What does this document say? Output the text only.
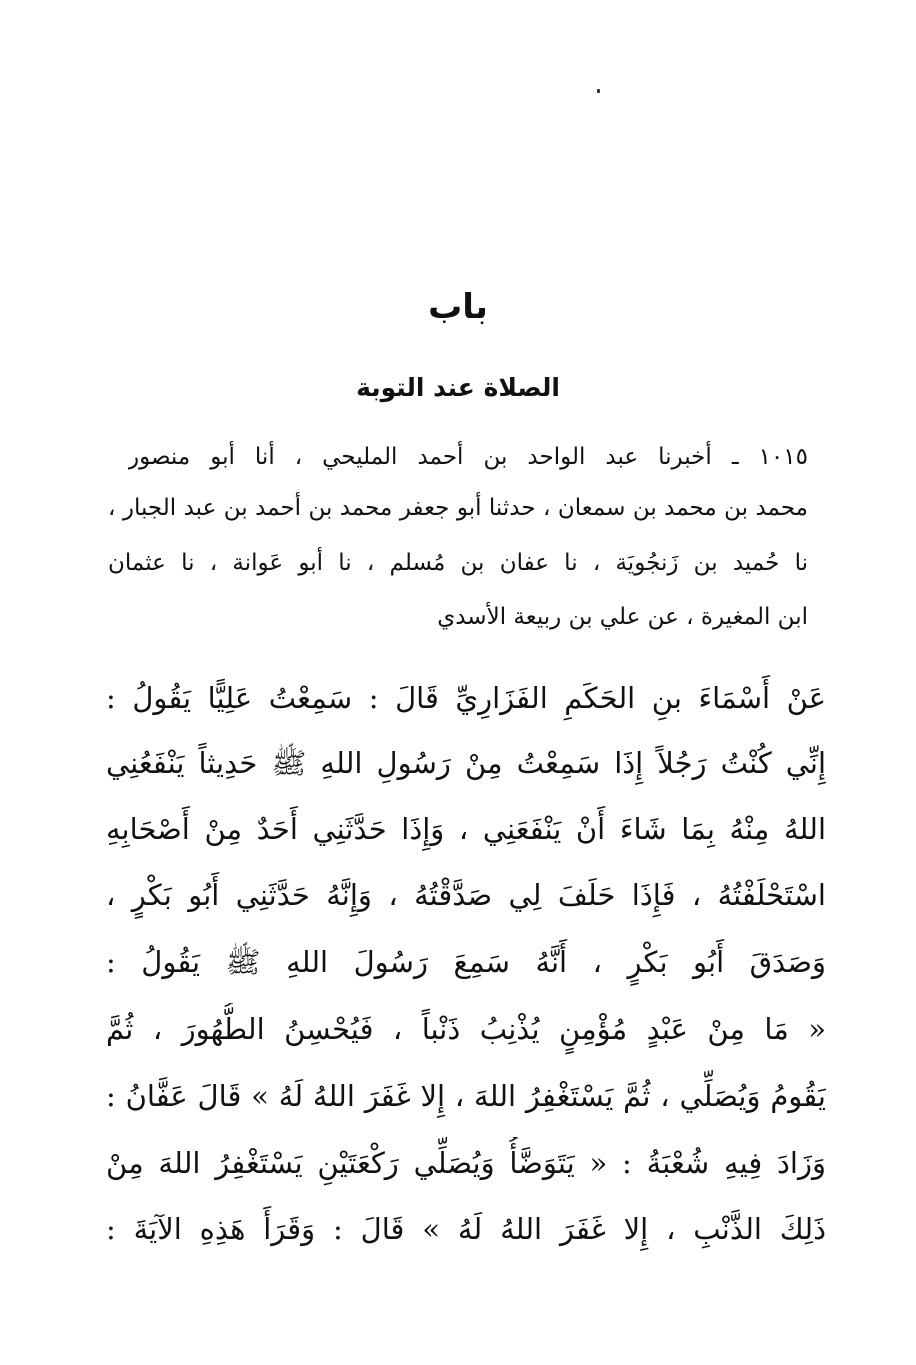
باب
الصلاة عند التوبة
١٠١٥ ـ أخبرنا عبد الواحد بن أحمد المليحي ، أنا أبو منصور
محمد بن محمد بن سمعان ، حدثنا أبو جعفر محمد بن أحمد بن عبد الجبار ،
نا حُميد بن زَنجُويَة ، نا عفان بن مُسلم ، نا أبو عَوانة ، نا عثمان
ابن المغيرة ، عن علي بن ربيعة الأسدي
عَنْ أَسْمَاءَ بنِ الحَكَمِ الفَزَارِيِّ قَالَ : سَمِعْتُ عَلِيًّا يَقُولُ :
إِنِّي كُنْتُ رَجُلاً إِذَا سَمِعْتُ مِنْ رَسُولِ اللهِ ﷺ حَدِيثاً يَنْفَعُنِي
اللهُ مِنْهُ بِمَا شَاءَ أَنْ يَنْفَعَنِي ، وَإِذَا حَدَّثَنِي أَحَدٌ مِنْ أَصْحَابِهِ
اسْتَحْلَفْتُهُ ، فَإِذَا حَلَفَ لِي صَدَّقْتُهُ ، وَإِنَّهُ حَدَّثَنِي أَبُو بَكْرٍ ،
وَصَدَقَ أَبُو بَكْرٍ ، أَنَّهُ سَمِعَ رَسُولَ اللهِ ﷺ يَقُولُ :
« مَا مِنْ عَبْدٍ مُؤْمِنٍ يُذْنِبُ ذَنْباً ، فَيُحْسِنُ الطُّهُورَ ، ثُمَّ
يَقُومُ وَيُصَلِّي ، ثُمَّ يَسْتَغْفِرُ اللهَ ، إِلا غَفَرَ اللهُ لَهُ » قَالَ عَفَّانُ :
وَزَادَ فِيهِ شُعْبَةُ : « يَتَوَضَّأُ وَيُصَلِّي رَكْعَتَيْنِ يَسْتَغْفِرُ اللهَ مِنْ
ذَلِكَ الذَّنْبِ ، إِلا غَفَرَ اللهُ لَهُ » قَالَ : وَقَرَأَ هَذِهِ الآيَةَ :
